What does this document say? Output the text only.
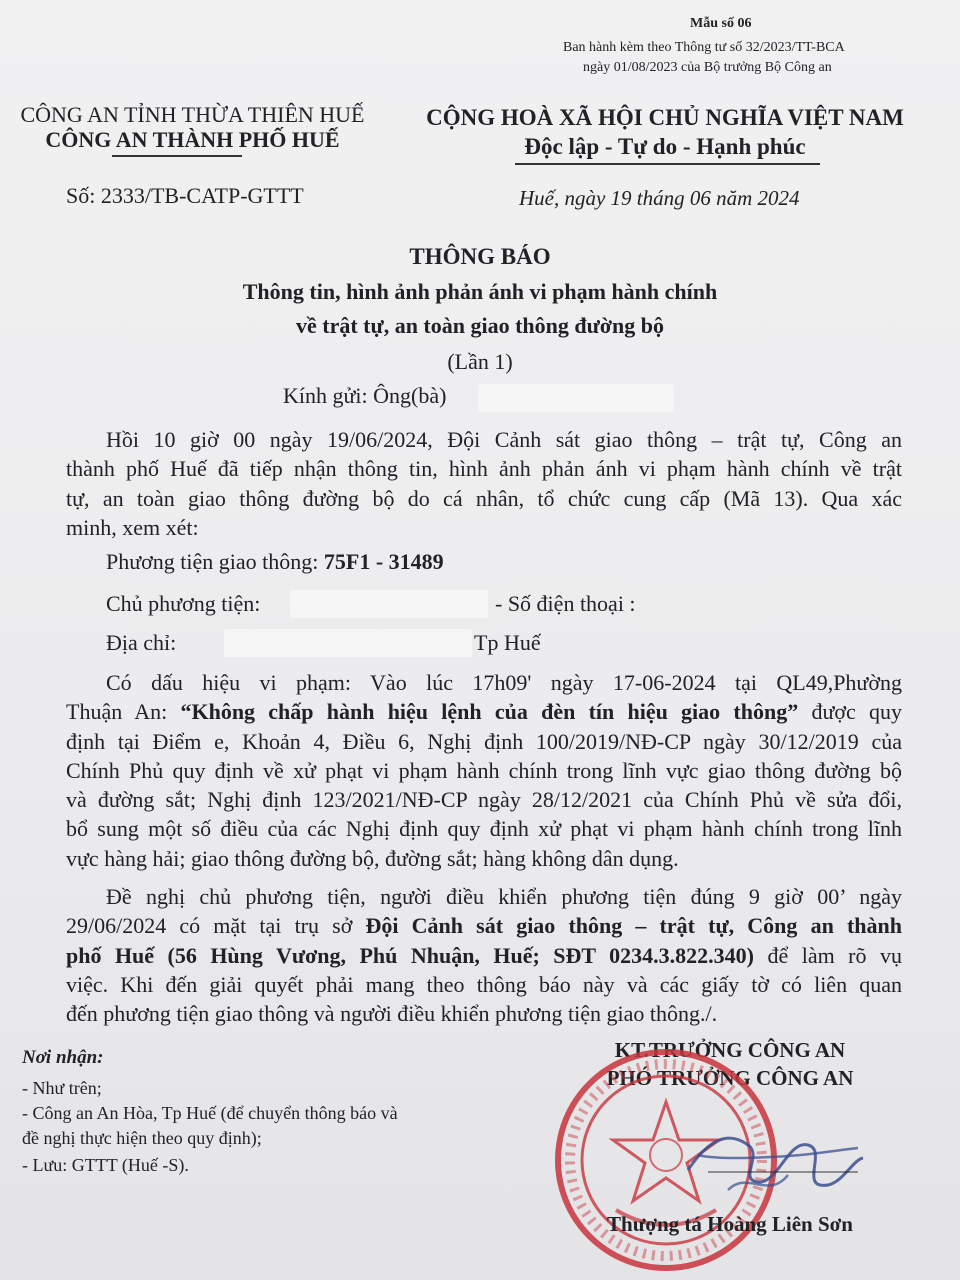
Mẫu số 06
Ban hành kèm theo Thông tư số 32/2023/TT-BCA
ngày 01/08/2023 của Bộ trưởng Bộ Công an
CÔNG AN TỈNH THỪA THIÊN HUẾ
CÔNG AN THÀNH PHỐ HUẾ
CỘNG HOÀ XÃ HỘI CHỦ NGHĨA VIỆT NAM
Độc lập - Tự do - Hạnh phúc
Số: 2333/TB-CATP-GTTT	Huế, ngày 19 tháng 06 năm 2024
THÔNG BÁO
Thông tin, hình ảnh phản ánh vi phạm hành chính
về trật tự, an toàn giao thông đường bộ
(Lần 1)
Kính gửi: Ông(bà)
Hồi 10 giờ 00 ngày 19/06/2024, Đội Cảnh sát giao thông – trật tự, Công an
thành phố Huế đã tiếp nhận thông tin, hình ảnh phản ánh vi phạm hành chính về trật
tự, an toàn giao thông đường bộ do cá nhân, tổ chức cung cấp (Mã 13). Qua xác
minh, xem xét:
Phương tiện giao thông: 75F1 - 31489
Chủ phương tiện:	- Số điện thoại :
Địa chỉ:	Tp Huế
Có dấu hiệu vi phạm: Vào lúc 17h09' ngày 17-06-2024 tại QL49,Phường
Thuận An: “Không chấp hành hiệu lệnh của đèn tín hiệu giao thông” được quy
định tại Điểm e, Khoản 4, Điều 6, Nghị định 100/2019/NĐ-CP ngày 30/12/2019 của
Chính Phủ quy định về xử phạt vi phạm hành chính trong lĩnh vực giao thông đường bộ
và đường sắt; Nghị định 123/2021/NĐ-CP ngày 28/12/2021 của Chính Phủ về sửa đổi,
bổ sung một số điều của các Nghị định quy định xử phạt vi phạm hành chính trong lĩnh
vực hàng hải; giao thông đường bộ, đường sắt; hàng không dân dụng.
Đề nghị chủ phương tiện, người điều khiển phương tiện đúng 9 giờ 00’ ngày
29/06/2024 có mặt tại trụ sở Đội Cảnh sát giao thông – trật tự, Công an thành
phố Huế (56 Hùng Vương, Phú Nhuận, Huế; SĐT 0234.3.822.340) để làm rõ vụ
việc. Khi đến giải quyết phải mang theo thông báo này và các giấy tờ có liên quan
đến phương tiện giao thông và người điều khiển phương tiện giao thông./.
Nơi nhận:
- Như trên;
- Công an An Hòa, Tp Huế (để chuyển thông báo và
đề nghị thực hiện theo quy định);
- Lưu: GTTT (Huế -S).
KT.TRƯỞNG CÔNG AN
PHÓ TRƯỞNG CÔNG AN
Thượng tá Hoàng Liên Sơn
